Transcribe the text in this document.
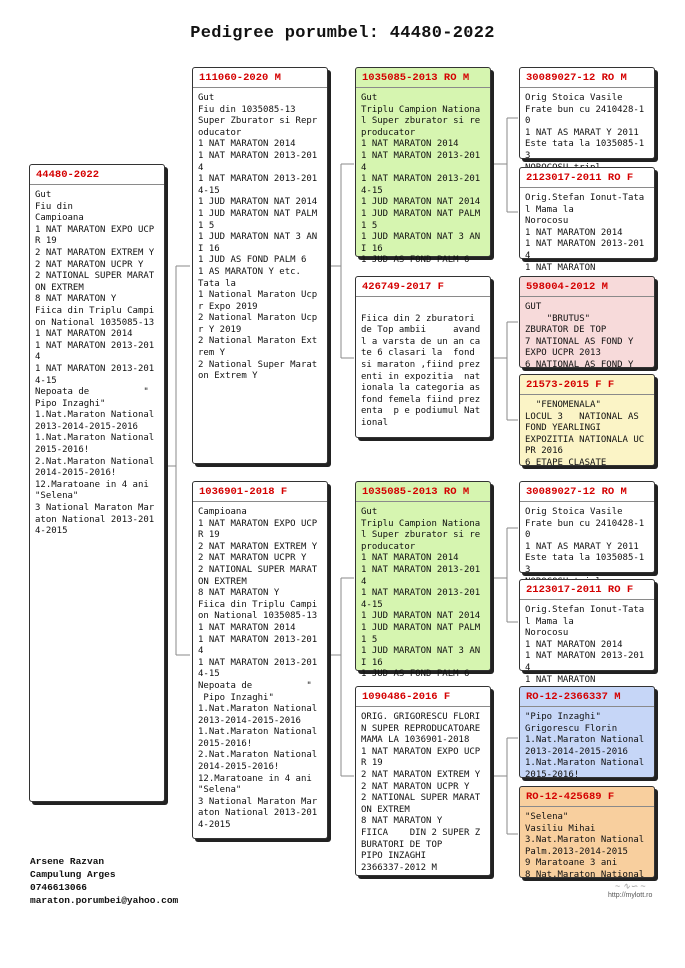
Pedigree porumbel: 44480-2022
44480-2022
Gut
Fiu din
Campioana
1 NAT MARATON EXPO UCPR 19
2 NAT MARATON EXTREM Y
2 NAT MARATON UCPR Y
2 NATIONAL SUPER MARATON EXTREM
8 NAT MARATON Y
Fiica din Triplu Campion National 1035085-13
1 NAT MARATON 2014
1 NAT MARATON 2013-2014
1 NAT MARATON 2013-2014-15
Nepoata de          "
Pipo Inzaghi"
1.Nat.Maraton National2013-2014-2015-2016
1.Nat.Maraton National 2015-2016!
2.Nat.Maraton National 2014-2015-2016!
12.Maratoane in 4 ani "Selena"
3 National Maraton Maraton National 2013-2014-2015
111060-2020 M
Gut
Fiu din 1035085-13
Super Zburator si Reproducator
1 NAT MARATON 2014
1 NAT MARATON 2013-2014
1 NAT MARATON 2013-2014-15
1 JUD MARATON NAT 2014
1 JUD MARATON NAT PALM 1 5
1 JUD MARATON NAT 3 ANI 16
1 JUD AS FOND PALM 6
1 AS MARATON Y etc.
Tata la
1 National Maraton Ucpr Expo 2019
2 National Maraton Ucpr Y 2019
2 National Maraton Extrem Y
2 National Super Maraton Extrem Y
1036901-2018 F
Campioana
1 NAT MARATON EXPO UCPR 19
2 NAT MARATON EXTREM Y
2 NAT MARATON UCPR Y
2 NATIONAL SUPER MARATON EXTREM
8 NAT MARATON Y
Fiica din Triplu Campion National 1035085-13
1 NAT MARATON 2014
1 NAT MARATON 2013-2014
1 NAT MARATON 2013-2014-15
Nepoata de          "
Pipo Inzaghi"
1.Nat.Maraton National2013-2014-2015-2016
1.Nat.Maraton National 2015-2016!
2.Nat.Maraton National 2014-2015-2016!
12.Maratoane in 4 ani "Selena"
3 National Maraton Maraton National 2013-2014-2015
1035085-2013 RO M
Gut
Triplu Campion National Super zburator si reproducator
1 NAT MARATON 2014
1 NAT MARATON 2013-2014
1 NAT MARATON 2013-2014-15
1 JUD MARATON NAT 2014
1 JUD MARATON NAT PALM 1 5
1 JUD MARATON NAT 3 ANI 16
1 JUD AS FOND PALM 6
426749-2017 F

Fiica din 2 zburatori de Top ambii     avand l a varsta de un an cate 6 clasari la  fond si maraton ,fiind prezenti in expozitia  nationala la categoria as fond femela fiind prezenta  p e podiumul National
1035085-2013 RO M
Gut
Triplu Campion National Super zburator si reproducator
1 NAT MARATON 2014
1 NAT MARATON 2013-2014
1 NAT MARATON 2013-2014-15
1 JUD MARATON NAT 2014
1 JUD MARATON NAT PALM 1 5
1 JUD MARATON NAT 3 ANI 16
1 JUD AS FOND PALM 6
1090486-2016 F
ORIG. GRIGORESCU FLORIN SUPER REPRODUCATOARE MAMA LA 1036901-2018
1 NAT MARATON EXPO UCPR 19
2 NAT MARATON EXTREM Y
2 NAT MARATON UCPR Y
2 NATIONAL SUPER MARATON EXTREM
8 NAT MARATON Y
FIICA    DIN 2 SUPER ZBURATORI DE TOP
PIPO INZAGHI
2366337-2012 M
30089027-12 RO M
Orig Stoica Vasile
Frate bun cu 2410428-10
1 NAT AS MARAT Y 2011
Este tata la 1035085-13

2123017-2011 RO F
Orig.Stefan Ionut-Tatal Mama la
Norocosu
1 NAT MARATON 2014
1 NAT MARATON 2013-2014
1 NAT MARATON
598004-2012 M
GUT
"BRUTUS"
ZBURATOR DE TOP
7 NATIONAL AS FOND Y
EXPO UCPR 2013
6 NATIONAL AS FOND Y
21573-2015 F F
"FENOMENALA"
LOCUL 3   NATIONAL AS   FOND YEARLINGI
EXPOZITIA NATIONALA UCPR 2016
6 ETAPE CLASATE
30089027-12 RO M
Orig Stoica Vasile
Frate bun cu 2410428-10
1 NAT AS MARAT Y 2011
Este tata la 1035085-13

2123017-2011 RO F
Orig.Stefan Ionut-Tatal Mama la
Norocosu
1 NAT MARATON 2014
1 NAT MARATON 2013-2014
1 NAT MARATON
RO-12-2366337 M
"Pipo Inzaghi"
Grigorescu Florin
1.Nat.Maraton National2013-2014-2015-2016
1.Nat.Maraton National 2015-2016!
RO-12-425689 F
"Selena"
Vasiliu Mihai
3.Nat.Maraton National Palm.2013-2014-2015
9 Maratoane 3 ani
8 Nat.Maraton National
Arsene Razvan
Campulung Arges
0746613066
maraton.porumbei@yahoo.com
~ ∿∽ ~
http://mylott.ro
